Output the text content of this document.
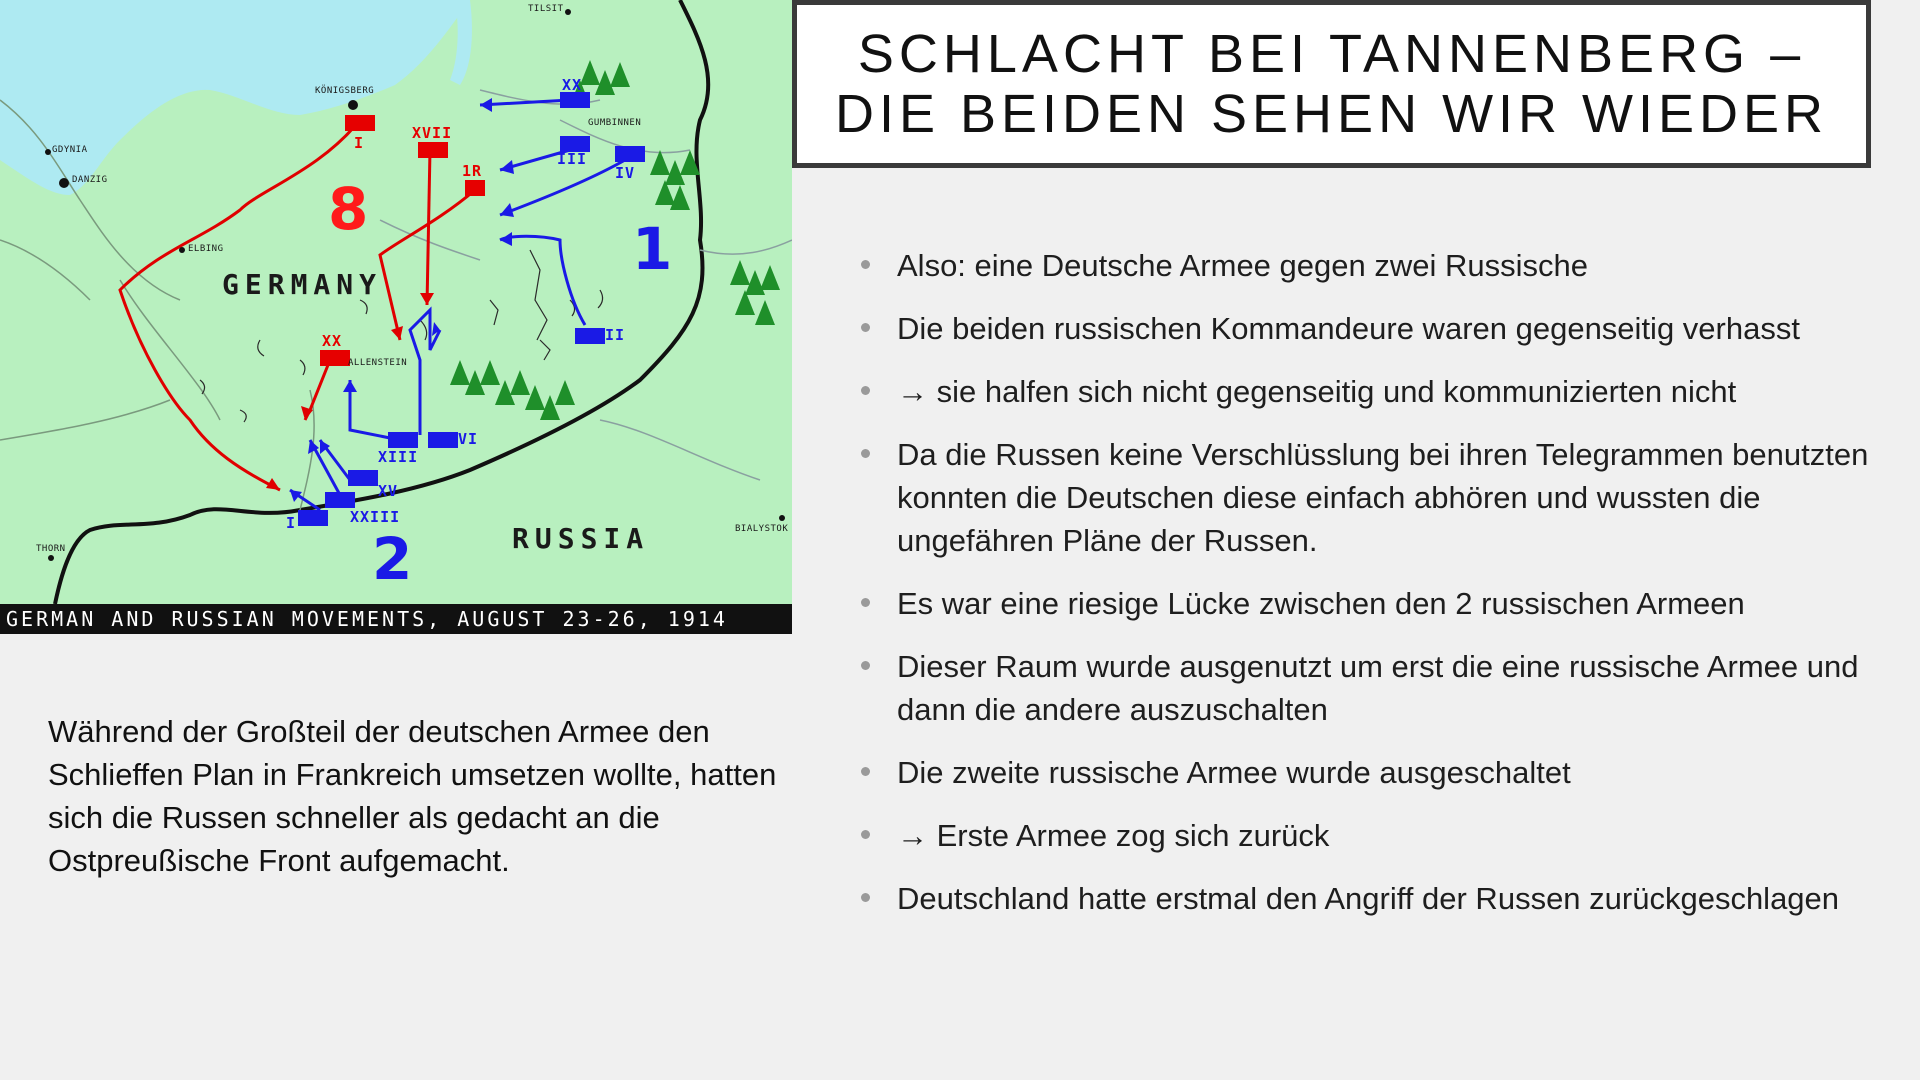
TILSIT
KÖNIGSBERG
GUMBINNEN
GDYNIA
DANZIG
ELBING
ALLENSTEIN
THORN
BIALYSTOK
GERMANY
RUSSIA
8
1
2
I
XVII
1R
XX
XX
III
IV
II
XIII
VI
XV
XXIII
I
GERMAN AND RUSSIAN MOVEMENTS, AUGUST 23-26, 1914
SCHLACHT BEI TANNENBERG –
DIE BEIDEN SEHEN WIR WIEDER
Also: eine Deutsche Armee gegen zwei Russische
Die beiden russischen Kommandeure waren gegenseitig verhasst
→ sie halfen sich nicht gegenseitig und kommunizierten nicht
Da die Russen keine Verschlüsslung bei ihren Telegrammen benutzten konnten die Deutschen diese einfach abhören und wussten die ungefähren Pläne der Russen.
Es war eine riesige Lücke zwischen den 2 russischen Armeen
Dieser Raum wurde ausgenutzt um erst die eine russische Armee und dann die andere auszuschalten
Die zweite russische Armee wurde ausgeschaltet
→ Erste Armee zog sich zurück
Deutschland hatte erstmal den Angriff der Russen zurückgeschlagen

Während der Großteil der deutschen Armee den Schlieffen Plan in Frankreich umsetzen wollte, hatten sich die Russen schneller als gedacht an die Ostpreußische Front aufgemacht.
